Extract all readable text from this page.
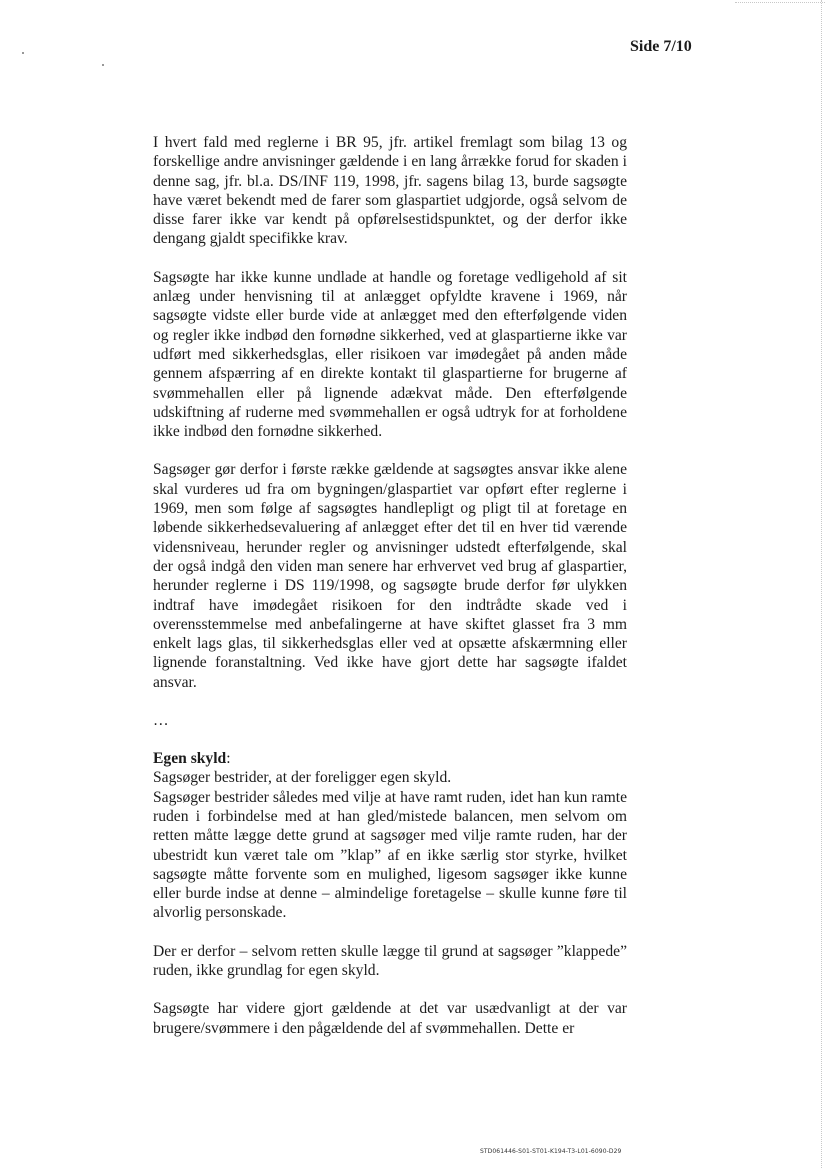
Side 7/10

I hvert fald med reglerne i BR 95, jfr. artikel fremlagt som bilag 13 og forskellige andre anvisninger gældende i en lang årrække forud for skaden i denne sag, jfr. bl.a. DS/INF 119, 1998, jfr. sagens bilag 13, burde sagsøgte have været bekendt med de farer som glaspartiet udgjorde, også selvom de disse farer ikke var kendt på opførelsestidspunktet, og der derfor ikke dengang gjaldt specifikke krav.

Sagsøgte har ikke kunne undlade at handle og foretage vedligehold af sit anlæg under henvisning til at anlægget opfyldte kravene i 1969, når sagsøgte vidste eller burde vide at anlægget med den efterfølgende viden og regler ikke indbød den fornødne sikkerhed, ved at glaspartierne ikke var udført med sikkerhedsglas, eller risikoen var imødegået på anden måde gennem afspærring af en direkte kontakt til glaspartierne for brugerne af svømmehallen eller på lignende adækvat måde. Den efterfølgende udskiftning af ruderne med svømmehallen er også udtryk for at forholdene ikke indbød den fornødne sikkerhed.

Sagsøger gør derfor i første række gældende at sagsøgtes ansvar ikke alene skal vurderes ud fra om bygningen/glaspartiet var opført efter reglerne i 1969, men som følge af sagsøgtes handlepligt og pligt til at foretage en løbende sikkerhedsevaluering af anlægget efter det til en hver tid værende vidensniveau, herunder regler og anvisninger udstedt efterfølgende, skal der også indgå den viden man senere har erhvervet ved brug af glaspartier, herunder reglerne i DS 119/1998, og sagsøgte brude derfor før ulykken indtraf have imødegået risikoen for den indtrådte skade ved i overensstemmelse med anbefalingerne at have skiftet glasset fra 3 mm enkelt lags glas, til sikkerhedsglas eller ved at opsætte afskærmning eller lignende foranstaltning. Ved ikke have gjort dette har sagsøgte ifaldet ansvar.

…

Egen skyld:

Sagsøger bestrider, at der foreligger egen skyld.

Sagsøger bestrider således med vilje at have ramt ruden, idet han kun ramte ruden i forbindelse med at han gled/mistede balancen, men selvom om retten måtte lægge dette grund at sagsøger med vilje ramte ruden, har der ubestridt kun været tale om ”klap” af en ikke særlig stor styrke, hvilket sagsøgte måtte forvente som en mulighed, ligesom sagsøger ikke kunne eller burde indse at denne – almindelige foretagelse – skulle kunne føre til alvorlig personskade.

Der er derfor – selvom retten skulle lægge til grund at sagsøger ”klappede” ruden, ikke grundlag for egen skyld.

Sagsøgte har videre gjort gældende at det var usædvanligt at der var brugere/svømmere i den pågældende del af svømmehallen. Dette er

STD061446-S01-ST01-K194-T3-L01-6090-D29
